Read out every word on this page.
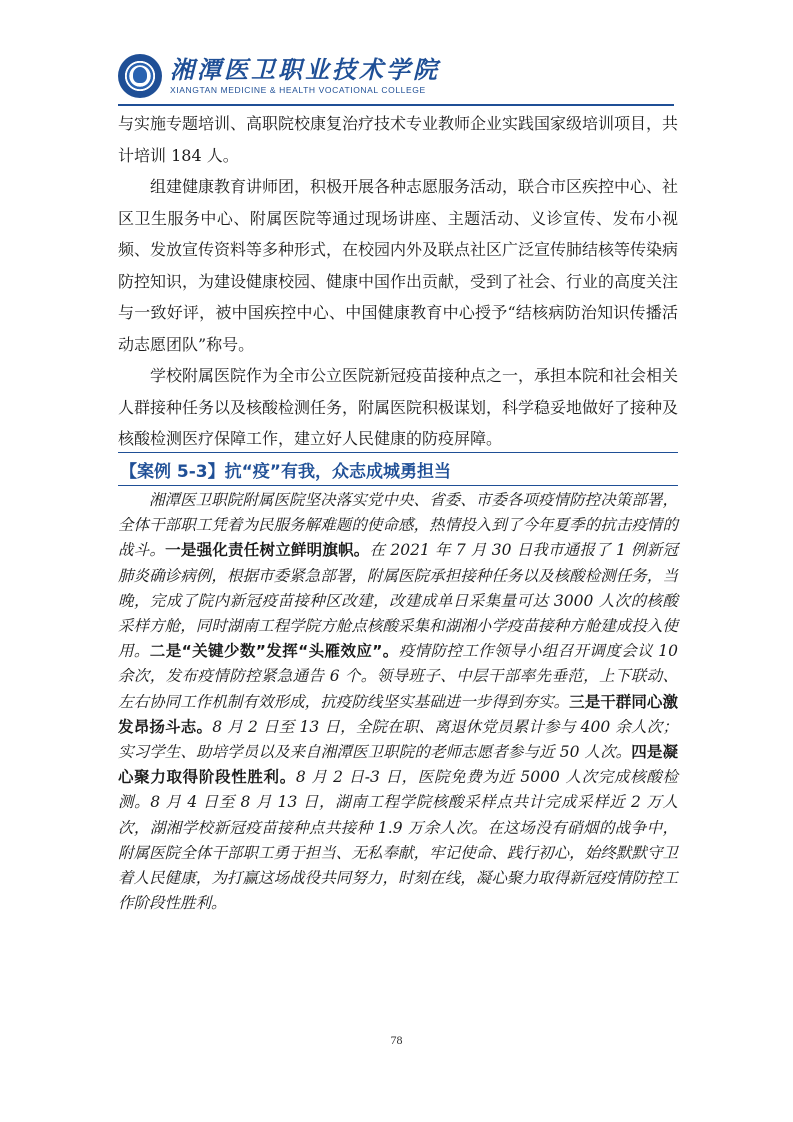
湘潭医卫职业技术学院
XIANGTAN MEDICINE & HEALTH VOCATIONAL COLLEGE

与实施专题培训、高职院校康复治疗技术专业教师企业实践国家级培训项目，共计培训 184 人。

组建健康教育讲师团，积极开展各种志愿服务活动，联合市区疾控中心、社区卫生服务中心、附属医院等通过现场讲座、主题活动、义诊宣传、发布小视频、发放宣传资料等多种形式，在校园内外及联点社区广泛宣传肺结核等传染病防控知识，为建设健康校园、健康中国作出贡献，受到了社会、行业的高度关注与一致好评，被中国疾控中心、中国健康教育中心授予“结核病防治知识传播活动志愿团队”称号。

学校附属医院作为全市公立医院新冠疫苗接种点之一，承担本院和社会相关人群接种任务以及核酸检测任务，附属医院积极谋划，科学稳妥地做好了接种及核酸检测医疗保障工作，建立好人民健康的防疫屏障。

【案例 5-3】抗“疫”有我，众志成城勇担当

湘潭医卫职院附属医院坚决落实党中央、省委、市委各项疫情防控决策部署，全体干部职工凭着为民服务解难题的使命感，热情投入到了今年夏季的抗击疫情的战斗。一是强化责任树立鲜明旗帜。在 2021 年 7 月 30 日我市通报了 1 例新冠肺炎确诊病例，根据市委紧急部署，附属医院承担接种任务以及核酸检测任务，当晚，完成了院内新冠疫苗接种区改建，改建成单日采集量可达 3000 人次的核酸采样方舱，同时湖南工程学院方舱点核酸采集和湖湘小学疫苗接种方舱建成投入使用。二是“关键少数”发挥“头雁效应”。疫情防控工作领导小组召开调度会议 10 余次，发布疫情防控紧急通告 6 个。领导班子、中层干部率先垂范，上下联动、左右协同工作机制有效形成，抗疫防线坚实基础进一步得到夯实。三是干群同心激发昂扬斗志。8 月 2 日至 13 日，全院在职、离退休党员累计参与 400 余人次；实习学生、助培学员以及来自湘潭医卫职院的老师志愿者参与近 50 人次。四是凝心聚力取得阶段性胜利。8 月 2 日-3 日，医院免费为近 5000 人次完成核酸检测。8 月 4 日至 8 月 13 日，湖南工程学院核酸采样点共计完成采样近 2 万人次，湖湘学校新冠疫苗接种点共接种 1.9 万余人次。在这场没有硝烟的战争中，附属医院全体干部职工勇于担当、无私奉献，牢记使命、践行初心，始终默默守卫着人民健康，为打赢这场战役共同努力，时刻在线，凝心聚力取得新冠疫情防控工作阶段性胜利。

78
